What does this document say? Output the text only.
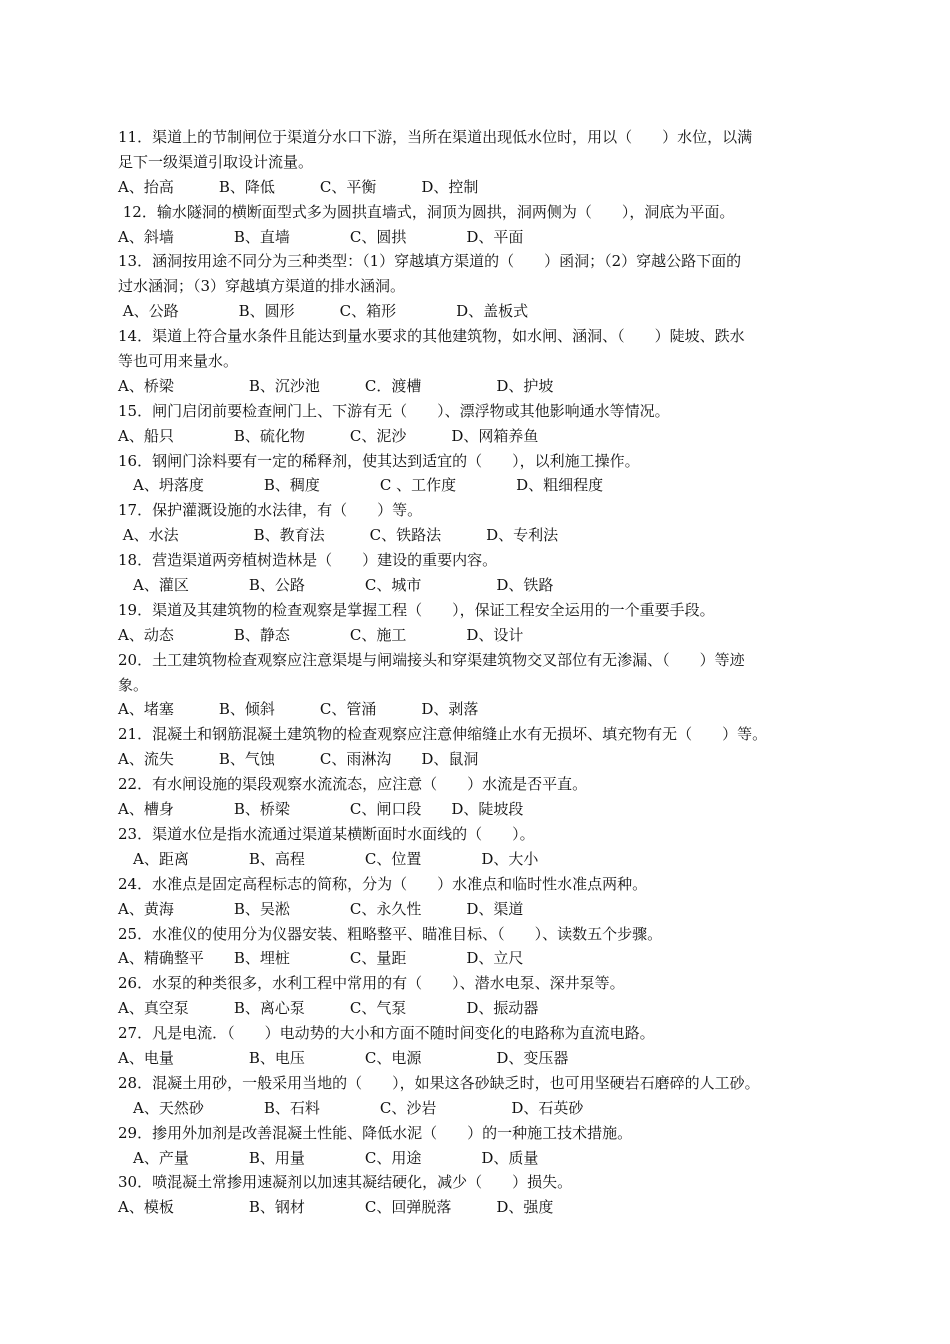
11．渠道上的节制闸位于渠道分水口下游，当所在渠道出现低水位时，用以（　　）水位，以满
足下一级渠道引取设计流量。
A、抬高　　　B、降低　　　C、平衡　　　D、控制
12．输水隧洞的横断面型式多为圆拱直墙式，洞顶为圆拱，洞两侧为（　　），洞底为平面。
A、斜墙　　　　B、直墙　　　　C、圆拱　　　　D、平面
13．涵洞按用途不同分为三种类型：（1）穿越填方渠道的（　　）函洞；（2）穿越公路下面的
过水涵洞；（3）穿越填方渠道的排水涵洞。
A、公路　　　　B、圆形　　　C、箱形　　　　D、盖板式
14．渠道上符合量水条件且能达到量水要求的其他建筑物，如水闸、涵洞、（　　）陡坡、跌水
等也可用来量水。
A、桥梁　　　　　B、沉沙池　　　C．渡槽　　　　　D、护坡
15．闸门启闭前要检查闸门上、下游有无（　　）、漂浮物或其他影响通水等情况。
A、船只　　　　B、硫化物　　　C、泥沙　　　D、网箱养鱼
16．钢闸门涂料要有一定的稀释剂，使其达到适宜的（　　），以利施工操作。
　A、坍落度　　　　B、稠度　　　　C 、工作度　　　　D、粗细程度
17．保护灌溉设施的水法律，有（　　）等。
A、水法　　　　　B、教育法　　　C、铁路法　　　D、专利法
18．营造渠道两旁植树造林是（　　）建设的重要内容。
　A、灌区　　　　B、公路　　　　C、城市　　　　　D、铁路
19．渠道及其建筑物的检查观察是掌握工程（　　），保证工程安全运用的一个重要手段。
A、动态　　　　B、静态　　　　C、施工　　　　D、设计
20．土工建筑物检查观察应注意渠堤与闸端接头和穿渠建筑物交叉部位有无渗漏、（　　）等迹
象。
A、堵塞　　　B、倾斜　　　C、管涌　　　D、剥落
21．混凝土和钢筋混凝土建筑物的检查观察应注意伸缩缝止水有无损坏、填充物有无（　　）等。
A、流失　　　B、气蚀　　　C、雨淋沟　　D、鼠洞
22．有水闸设施的渠段观察水流流态，应注意（　　）水流是否平直。
A、槽身　　　　B、桥梁　　　　C、闸口段　　D、陡坡段
23．渠道水位是指水流通过渠道某横断面时水面线的（　　）。
　A、距离　　　　B、高程　　　　C、位置　　　　D、大小
24．水准点是固定高程标志的简称，分为（　　）水准点和临时性水准点两种。
A、黄海　　　　B、吴淞　　　　C、永久性　　　D、渠道
25．水准仪的使用分为仪器安装、粗略整平、瞄准目标、（　　）、读数五个步骤。
A、精确整平　　B、埋桩　　　　C、量距　　　　D、立尺
26．水泵的种类很多，水利工程中常用的有（　　）、潜水电泵、深井泵等。
A、真空泵　　　B、离心泵　　　C、气泵　　　　D、振动器
27．凡是电流．（　　）电动势的大小和方面不随时间变化的电路称为直流电路。
A、电量　　　　　B、电压　　　　C、电源　　　　　D、变压器
28．混凝土用砂，一般采用当地的（　　），如果这各砂缺乏时，也可用坚硬岩石磨碎的人工砂。
　A、天然砂　　　　B、石料　　　　C、沙岩　　　　　D、石英砂
29．掺用外加剂是改善混凝土性能、降低水泥（　　）的一种施工技术措施。
　A、产量　　　　B、用量　　　　C、用途　　　　D、质量
30．喷混凝土常掺用速凝剂以加速其凝结硬化，减少（　　）损失。
A、模板　　　　　B、钢材　　　　C、回弹脱落　　　D、强度
